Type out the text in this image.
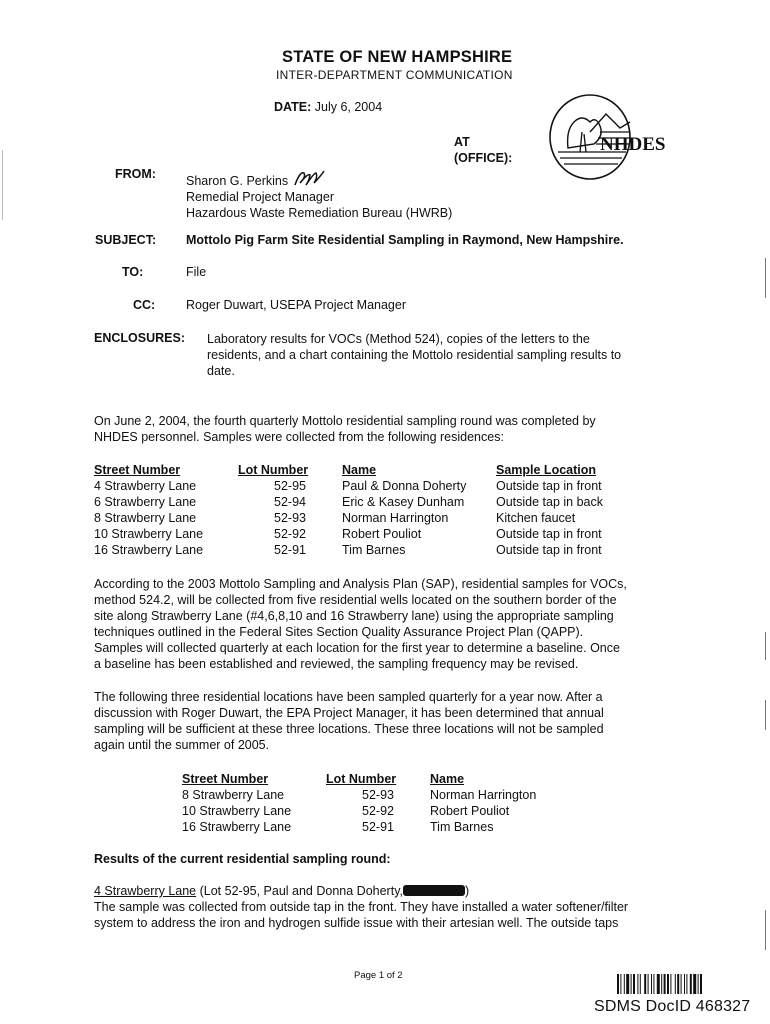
STATE OF NEW HAMPSHIRE
INTER-DEPARTMENT COMMUNICATION
DATE: July 6, 2004
AT
(OFFICE):
NHDES
FROM: Sharon G. Perkins
Remedial Project Manager
Hazardous Waste Remediation Bureau (HWRB)
SUBJECT: Mottolo Pig Farm Site Residential Sampling in Raymond, New Hampshire.
TO:	File
CC: Roger Duwart, USEPA Project Manager
ENCLOSURES: Laboratory results for VOCs (Method 524), copies of the letters to the
residents, and a chart containing the Mottolo residential sampling results to
date.
On June 2, 2004, the fourth quarterly Mottolo residential sampling round was completed by
NHDES personnel. Samples were collected from the following residences:
Street Number	Lot Number	Name	Sample Location
4 Strawberry Lane	52-95	Paul & Donna Doherty	Outside tap in front
6 Strawberry Lane	52-94	Eric & Kasey Dunham	Outside tap in back
8 Strawberry Lane	52-93	Norman Harrington	Kitchen faucet
10 Strawberry Lane	52-92	Robert Pouliot	Outside tap in front
16 Strawberry Lane	52-91	Tim Barnes	Outside tap in front
According to the 2003 Mottolo Sampling and Analysis Plan (SAP), residential samples for VOCs,
method 524.2, will be collected from five residential wells located on the southern border of the
site along Strawberry Lane (#4,6,8,10 and 16 Strawberry lane) using the appropriate sampling
techniques outlined in the Federal Sites Section Quality Assurance Project Plan (QAPP).
Samples will collected quarterly at each location for the first year to determine a baseline. Once
a baseline has been established and reviewed, the sampling frequency may be revised.
The following three residential locations have been sampled quarterly for a year now. After a
discussion with Roger Duwart, the EPA Project Manager, it has been determined that annual
sampling will be sufficient at these three locations. These three locations will not be sampled
again until the summer of 2005.
Street Number	Lot Number	Name
8 Strawberry Lane	52-93	Norman Harrington
10 Strawberry Lane	52-92	Robert Pouliot
16 Strawberry Lane	52-91	Tim Barnes
Results of the current residential sampling round:
4 Strawberry Lane (Lot 52-95, Paul and Donna Doherty,	)
The sample was collected from outside tap in the front. They have installed a water softener/filter
system to address the iron and hydrogen sulfide issue with their artesian well. The outside taps
Page 1 of 2
SDMS DocID 468327
